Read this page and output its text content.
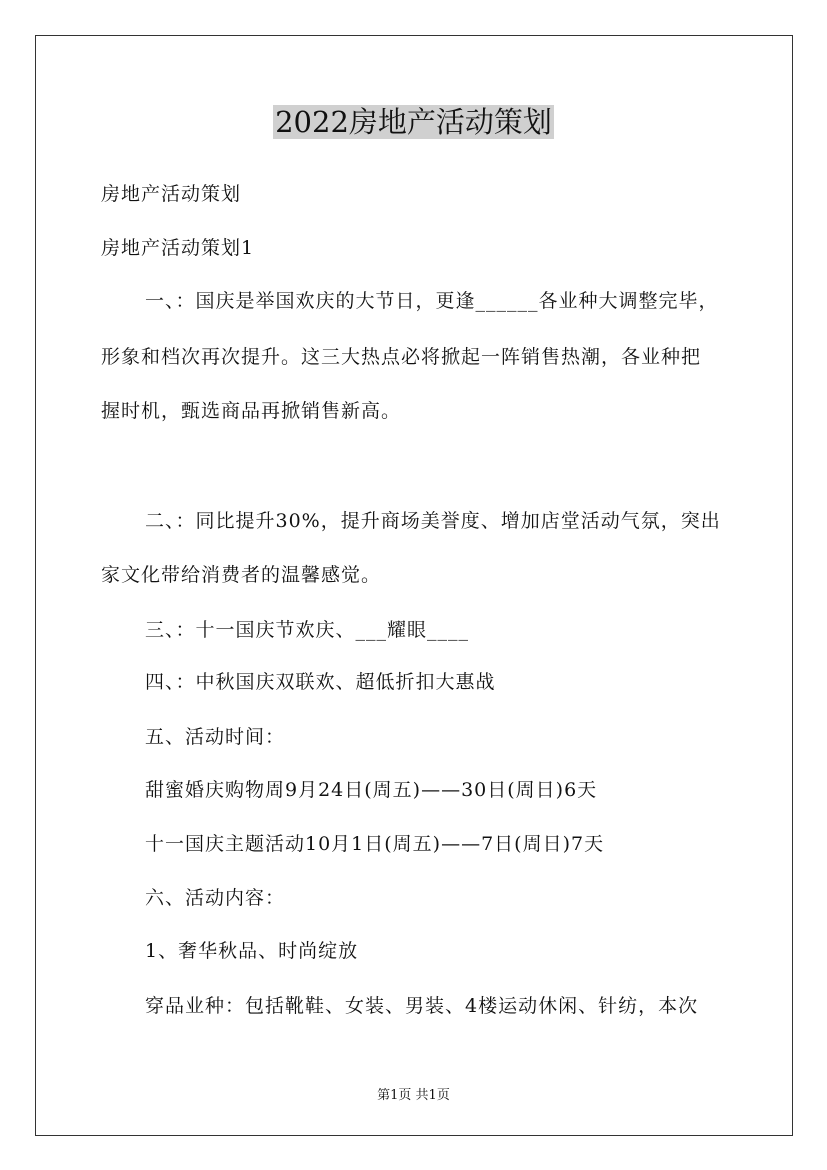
2022房地产活动策划
房地产活动策划
房地产活动策划1
一、：国庆是举国欢庆的大节日，更逢______各业种大调整完毕，
形象和档次再次提升。这三大热点必将掀起一阵销售热潮，各业种把
握时机，甄选商品再掀销售新高。
二、：同比提升30%，提升商场美誉度、增加店堂活动气氛，突出
家文化带给消费者的温馨感觉。
三、：十一国庆节欢庆、___耀眼____
四、：中秋国庆双联欢、超低折扣大惠战
五、活动时间：
甜蜜婚庆购物周9月24日(周五)——30日(周日)6天
十一国庆主题活动10月1日(周五)——7日(周日)7天
六、活动内容：
1、奢华秋品、时尚绽放
穿品业种：包括靴鞋、女装、男装、4楼运动休闲、针纺，本次
第1页 共1页
